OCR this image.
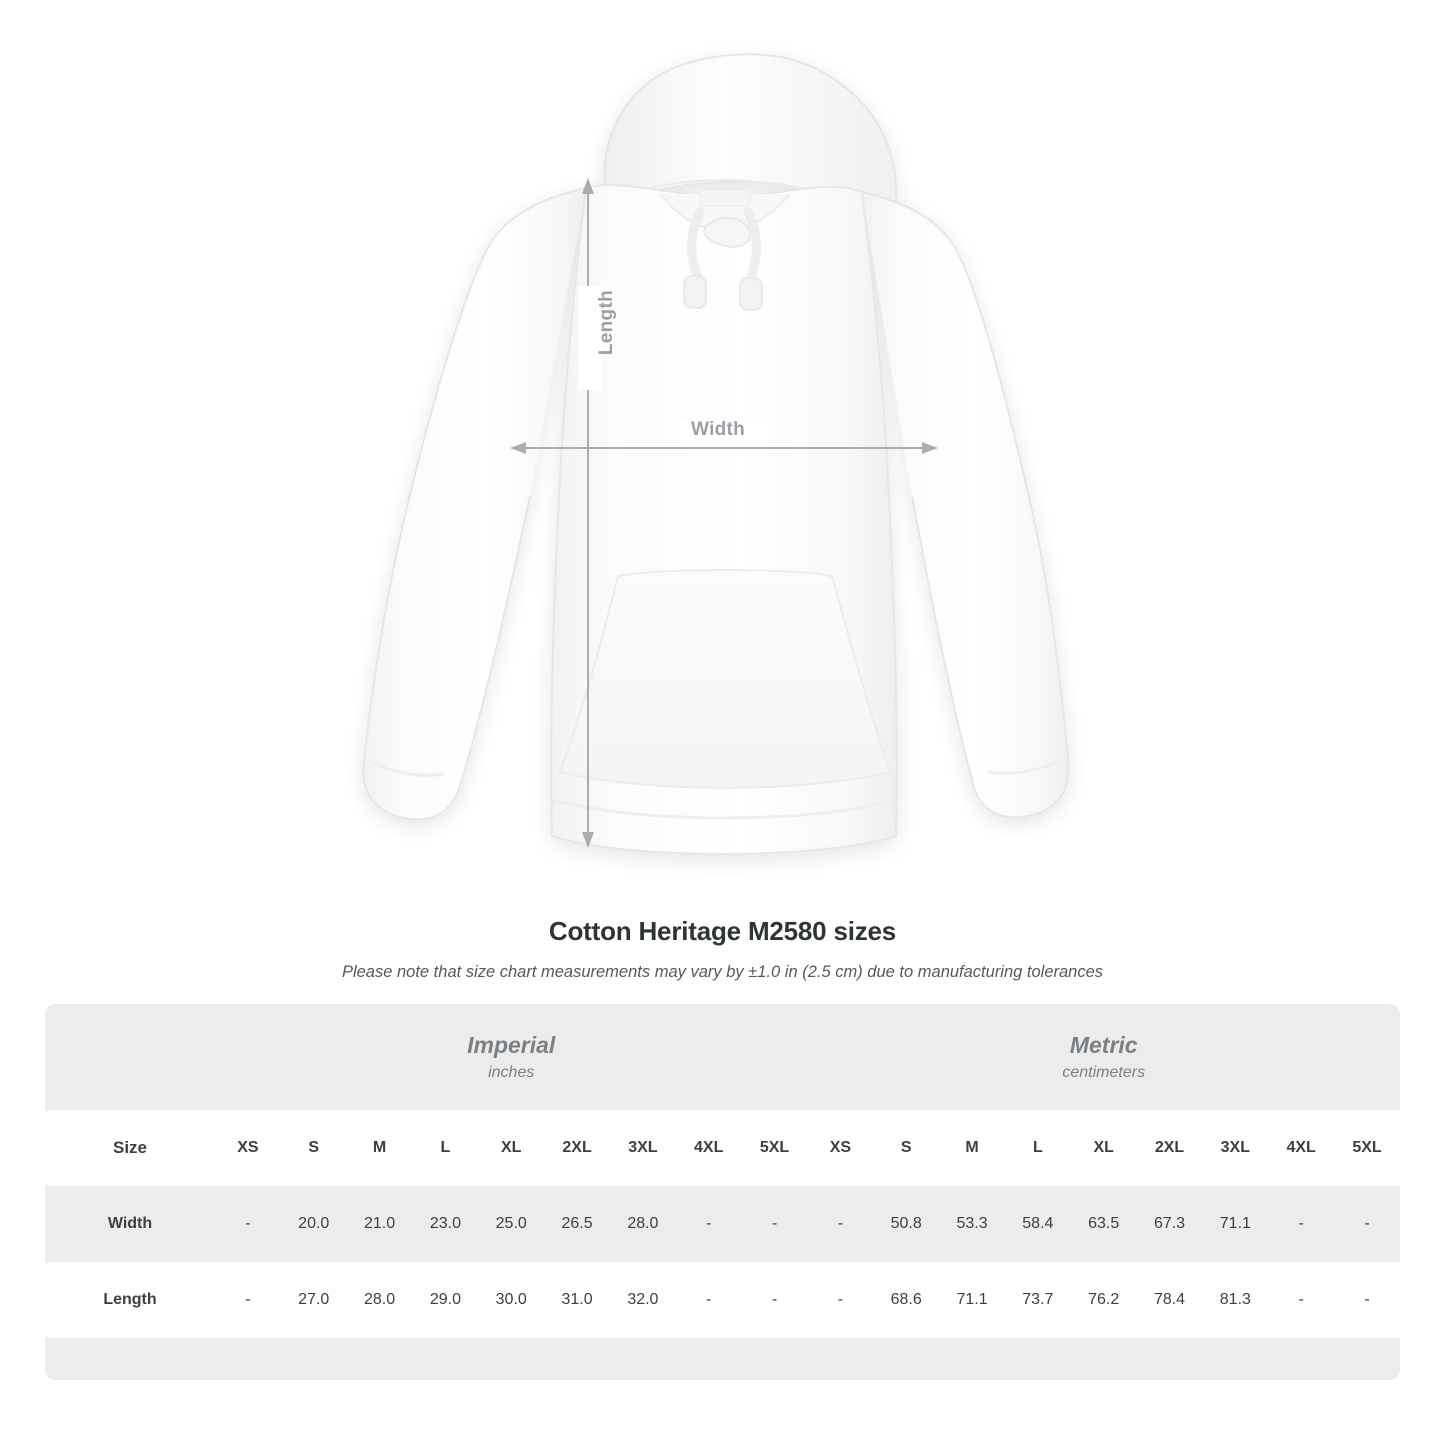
Length
Width
Cotton Heritage M2580 sizes
Please note that size chart measurements may vary by ±1.0 in (2.5 cm) due to manufacturing tolerances

Imperial
inches

Metric
centimeters

Size	XS	S	M	L	XL	2XL	3XL	4XL	5XL	XS	S	M	L	XL	2XL	3XL	4XL	5XL
Width	-	20.0	21.0	23.0	25.0	26.5	28.0	-	-	-	50.8	53.3	58.4	63.5	67.3	71.1	-	-
Length	-	27.0	28.0	29.0	30.0	31.0	32.0	-	-	-	68.6	71.1	73.7	76.2	78.4	81.3	-	-
